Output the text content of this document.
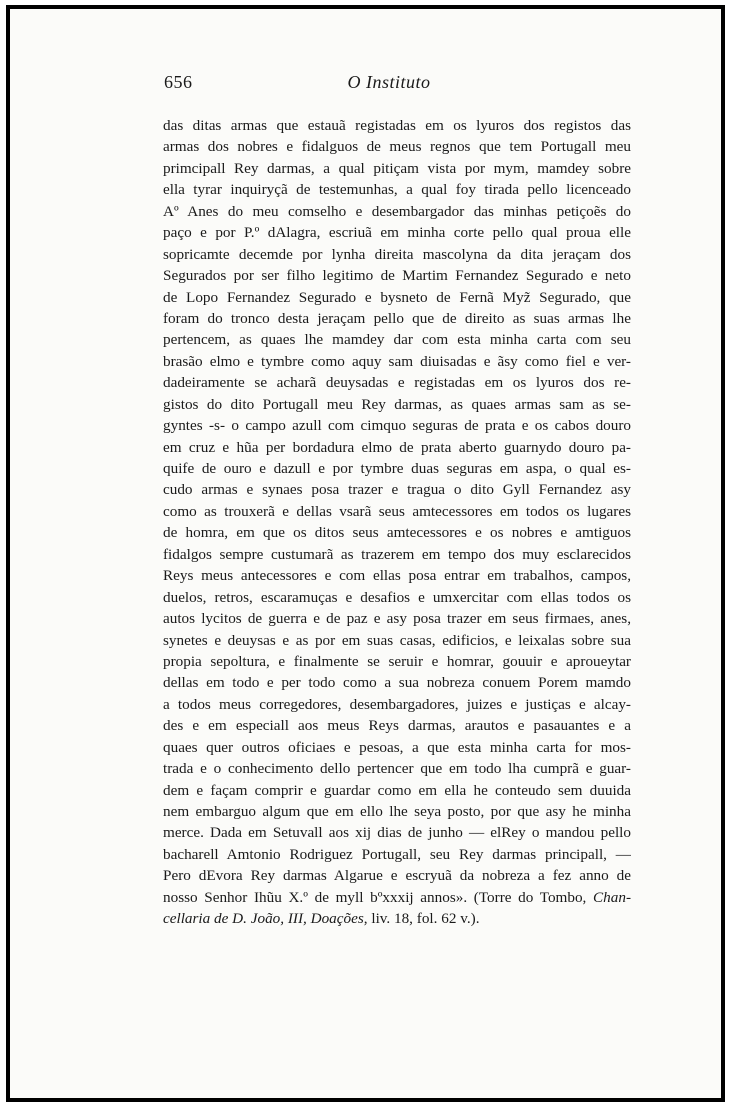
656	O Instituto
das ditas armas que estauã registadas em os lyuros dos registos das
armas dos nobres e fidalguos de meus regnos que tem Portugall meu
primcipall Rey darmas, a qual pitiçam vista por mym, mamdey sobre
ella tyrar inquiryçã de testemunhas, a qual foy tirada pello licenceado
Aº Anes do meu comselho e desembargador das minhas petiçoẽs do
paço e por P.º dAlagra, escriuã em minha corte pello qual proua elle
sopricamte decemde por lynha direita mascolyna da dita jeraçam dos
Segurados por ser filho legitimo de Martim Fernandez Segurado e neto
de Lopo Fernandez Segurado e bysneto de Fernã Myz̃ Segurado, que
foram do tronco desta jeraçam pello que de direito as suas armas lhe
pertencem, as quaes lhe mamdey dar com esta minha carta com seu
brasão elmo e tymbre como aquy sam diuisadas e ãsy como fiel e ver-
dadeiramente se acharã deuysadas e registadas em os lyuros dos re-
gistos do dito Portugall meu Rey darmas, as quaes armas sam as se-
gyntes -s- o campo azull com cimquo seguras de prata e os cabos douro
em cruz e hũa per bordadura elmo de prata aberto guarnydo douro pa-
quife de ouro e dazull e por tymbre duas seguras em aspa, o qual es-
cudo armas e synaes posa trazer e tragua o dito Gyll Fernandez asy
como as trouxerã e dellas vsarã seus amtecessores em todos os lugares
de homra, em que os ditos seus amtecessores e os nobres e amtiguos
fidalgos sempre custumarã as trazerem em tempo dos muy esclarecidos
Reys meus antecessores e com ellas posa entrar em trabalhos, campos,
duelos, retros, escaramuças e desafios e umxercitar com ellas todos os
autos lycitos de guerra e de paz e asy posa trazer em seus firmaes, anes,
synetes e deuysas e as por em suas casas, edificios, e leixalas sobre sua
propia sepoltura, e finalmente se seruir e homrar, gouuir e aproueytar
dellas em todo e per todo como a sua nobreza conuem Porem mamdo
a todos meus corregedores, desembargadores, juizes e justiças e alcay-
des e em especiall aos meus Reys darmas, arautos e pasauantes e a
quaes quer outros oficiaes e pesoas, a que esta minha carta for mos-
trada e o conhecimento dello pertencer que em todo lha cumprã e guar-
dem e façam comprir e guardar como em ella he conteudo sem duuida
nem embarguo algum que em ello lhe seya posto, por que asy he minha
merce. Dada em Setuvall aos xij dias de junho — elRey o mandou pello
bacharell Amtonio Rodriguez Portugall, seu Rey darmas principall, —
Pero dEvora Rey darmas Algarue e escryuã da nobreza a fez anno de
nosso Senhor Ihũu X.º de myll bºxxxij annos». (Torre do Tombo, Chan-
cellaria de D. João, III, Doações, liv. 18, fol. 62 v.).
